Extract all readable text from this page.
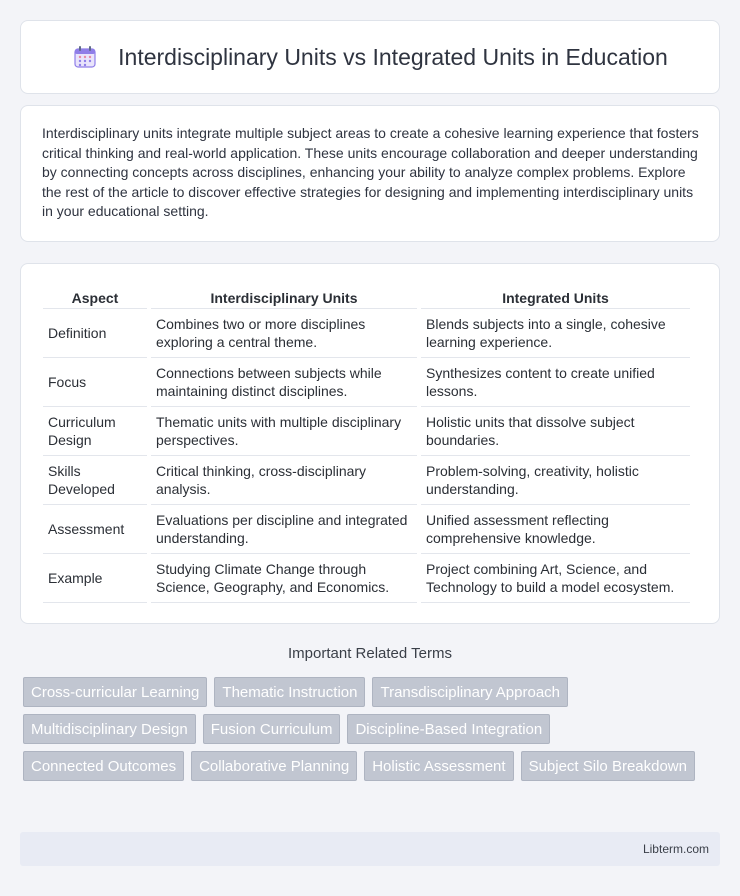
Interdisciplinary Units vs Integrated Units in Education

Interdisciplinary units integrate multiple subject areas to create a cohesive learning experience that fosters critical thinking and real-world application. These units encourage collaboration and deeper understanding by connecting concepts across disciplines, enhancing your ability to analyze complex problems. Explore the rest of the article to discover effective strategies for designing and implementing interdisciplinary units in your educational setting.

Aspect	Interdisciplinary Units	Integrated Units
Definition	Combines two or more disciplines exploring a central theme.	Blends subjects into a single, cohesive learning experience.
Focus	Connections between subjects while maintaining distinct disciplines.	Synthesizes content to create unified lessons.
Curriculum Design	Thematic units with multiple disciplinary perspectives.	Holistic units that dissolve subject boundaries.
Skills Developed	Critical thinking, cross-disciplinary analysis.	Problem-solving, creativity, holistic understanding.
Assessment	Evaluations per discipline and integrated understanding.	Unified assessment reflecting comprehensive knowledge.
Example	Studying Climate Change through Science, Geography, and Economics.	Project combining Art, Science, and Technology to build a model ecosystem.
Important Related Terms
Cross-curricular Learning	Thematic Instruction	Transdisciplinary Approach
Multidisciplinary Design	Fusion Curriculum	Discipline-Based Integration
Connected Outcomes	Collaborative Planning	Holistic Assessment	Subject Silo Breakdown
Libterm.com
